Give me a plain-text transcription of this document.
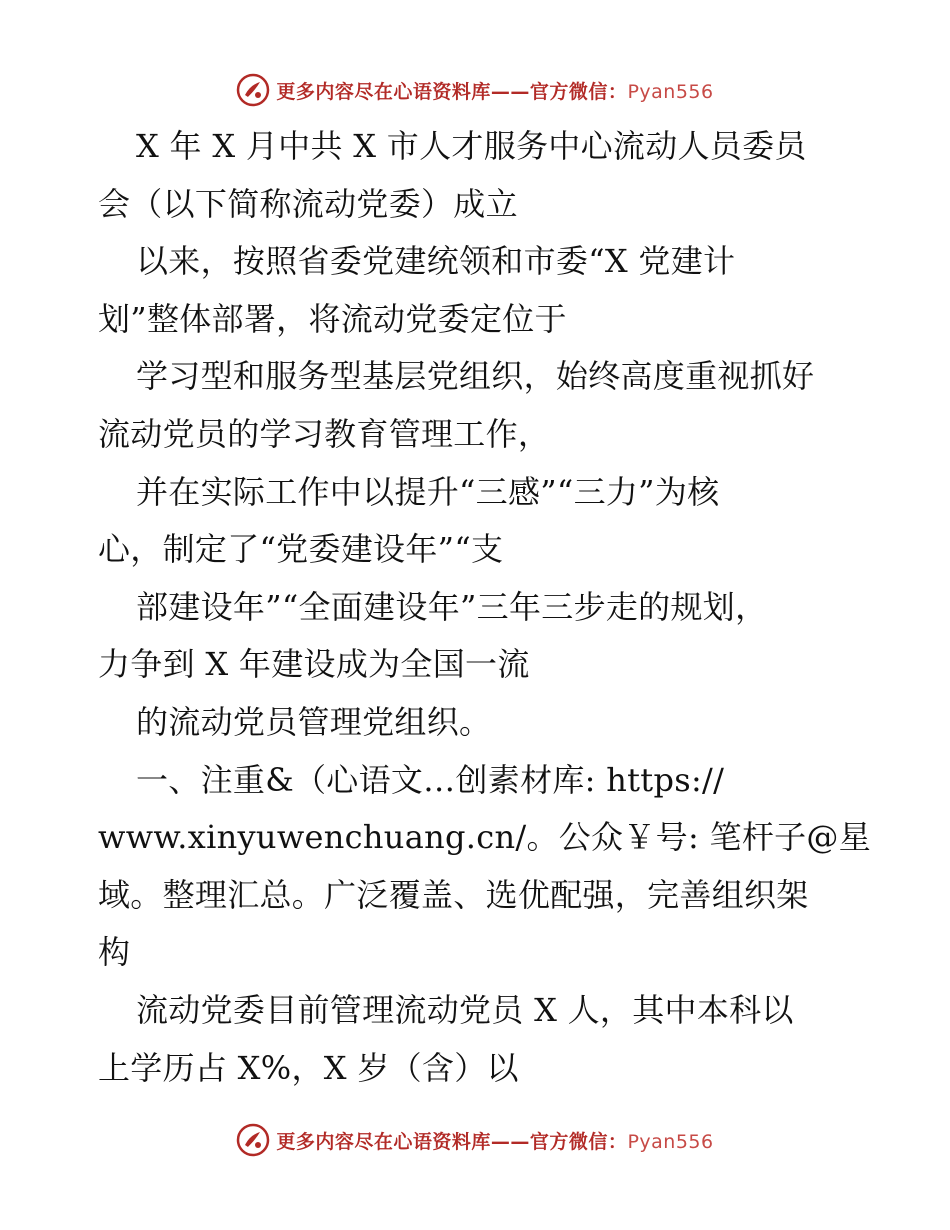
更多内容尽在心语资料库——官方微信：Pyan556
X 年 X 月中共 X 市人才服务中心流动人员委员
会（以下简称流动党委）成立
以来，按照省委党建统领和市委“X 党建计
划”整体部署，将流动党委定位于
学习型和服务型基层党组织，始终高度重视抓好
流动党员的学习教育管理工作，
并在实际工作中以提升“三感”“三力”为核
心，制定了“党委建设年”“支
部建设年”“全面建设年”三年三步走的规划，
力争到 X 年建设成为全国一流
的流动党员管理党组织。
一、注重&（心语文…创素材库: https://
www.xinyuwenchuang.cn/。公众￥号: 笔杆子@星
域。整理汇总。广泛覆盖、选优配强，完善组织架
构
流动党委目前管理流动党员 X 人，其中本科以
上学历占 X%，X 岁（含）以
更多内容尽在心语资料库——官方微信：Pyan556
